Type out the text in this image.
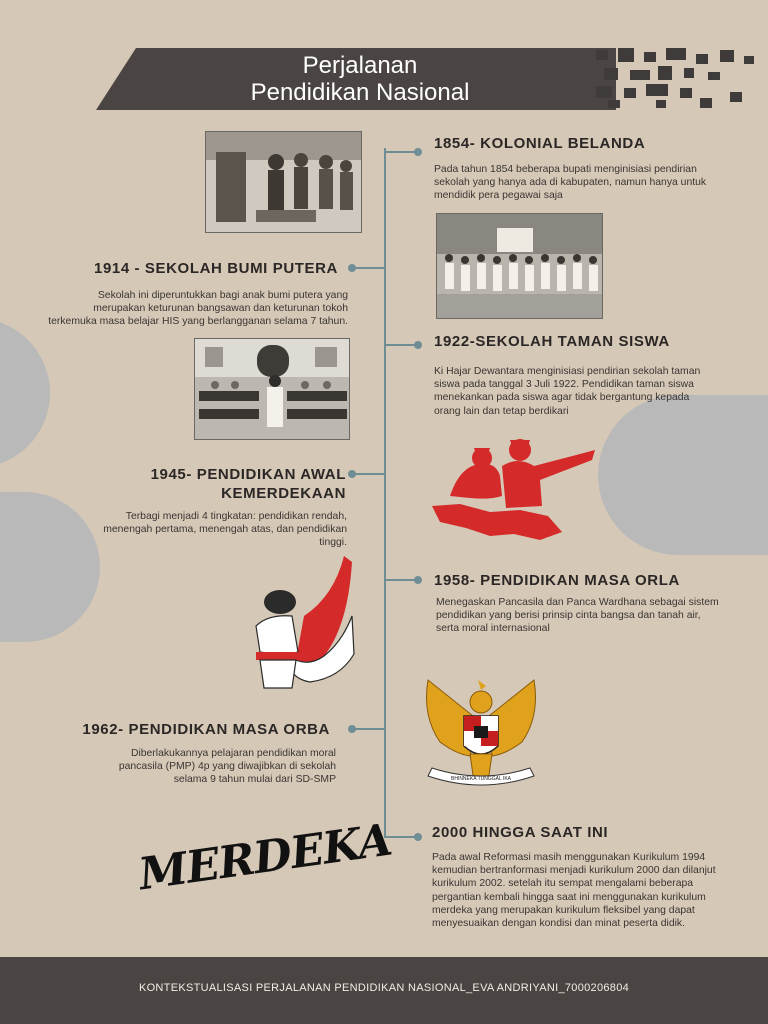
Perjalanan
Pendidikan Nasional
1854- KOLONIAL BELANDA
Pada tahun 1854 beberapa bupati menginisiasi pendirian sekolah yang hanya ada di kabupaten, namun hanya untuk mendidik pera pegawai saja
1914 - SEKOLAH BUMI PUTERA
Sekolah ini diperuntukkan bagi anak bumi putera yang merupakan keturunan bangsawan dan keturunan tokoh terkemuka masa belajar HIS yang berlangganan selama 7 tahun.
1922-SEKOLAH TAMAN SISWA
Ki Hajar Dewantara menginisiasi pendirian sekolah taman siswa pada tanggal 3 Juli 1922. Pendidikan taman siswa menekankan pada siswa agar tidak bergantung kepada orang lain dan tetap berdikari
1945- PENDIDIKAN AWAL
KEMERDEKAAN
Terbagi menjadi 4 tingkatan: pendidikan rendah, menengah pertama, menengah atas, dan pendidikan tinggi.
1958- PENDIDIKAN MASA ORLA
Menegaskan Pancasila dan Panca Wardhana sebagai sistem pendidikan yang berisi prinsip cinta bangsa dan tanah air, serta moral internasional
BHINNEKA TUNGGAL IKA
1962- PENDIDIKAN MASA ORBA
Diberlakukannya pelajaran pendidikan moral pancasila (PMP) 4p yang diwajibkan di sekolah selama 9 tahun mulai dari SD-SMP
MERDEKA	2000 HINGGA SAAT INI
Pada awal Reformasi masih menggunakan Kurikulum 1994 kemudian bertranformasi menjadi kurikulum 2000 dan dilanjut kurikulum 2002. setelah itu sempat mengalami beberapa pergantian kembali hingga saat ini menggunakan kurikulum merdeka yang merupakan kurikulum fleksibel yang dapat menyesuaikan dengan kondisi dan minat peserta didik.
KONTEKSTUALISASI PERJALANAN PENDIDIKAN NASIONAL_EVA ANDRIYANI_7000206804
